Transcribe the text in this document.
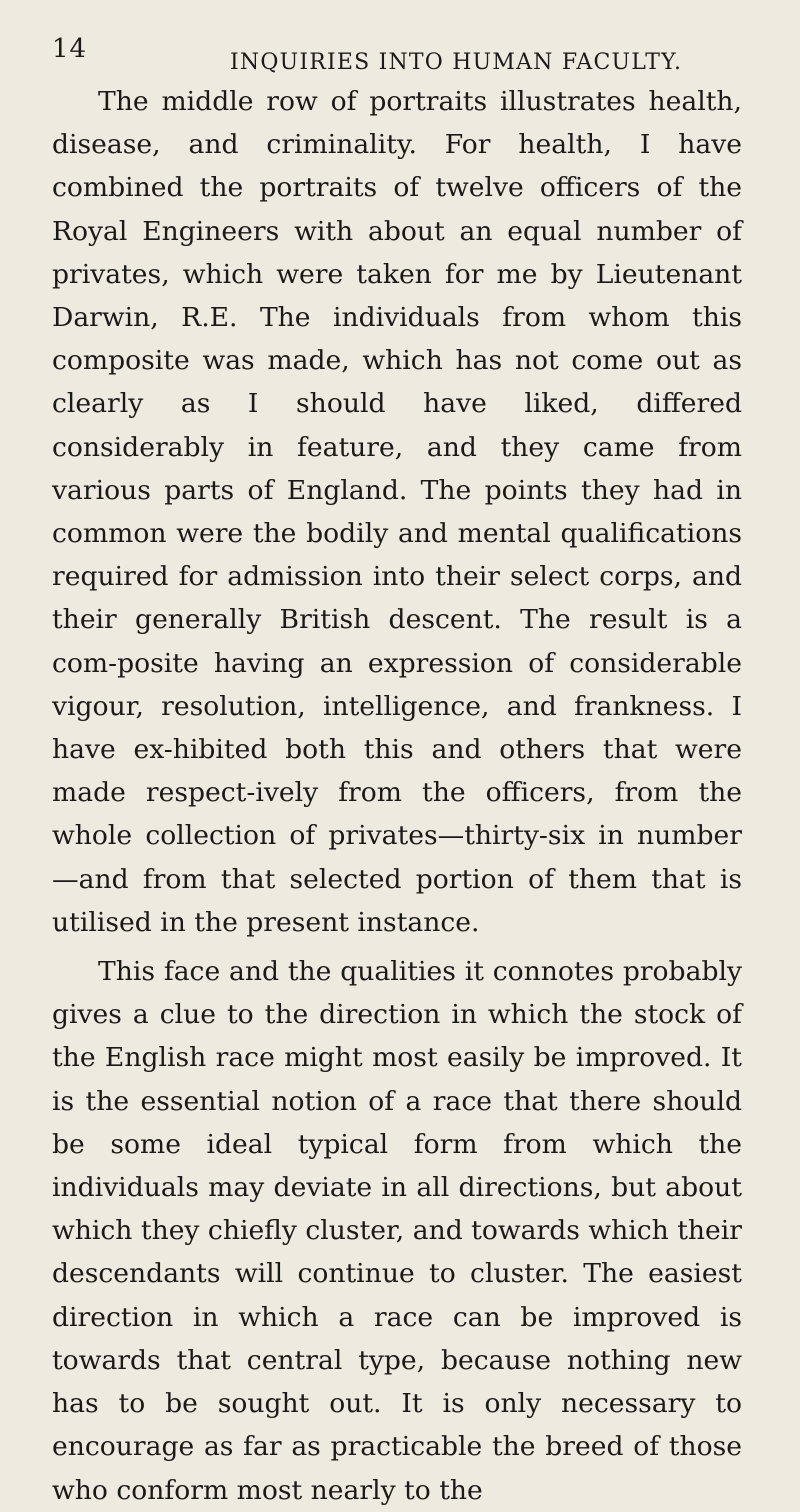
14	INQUIRIES INTO HUMAN FACULTY.

The middle row of portraits illustrates health, disease, and criminality. For health, I have combined the portraits of twelve officers of the Royal Engineers with about an equal number of privates, which were taken for me by Lieutenant Darwin, R.E. The individuals from whom this composite was made, which has not come out as clearly as I should have liked, differed considerably in feature, and they came from various parts of England. The points they had in common were the bodily and mental qualifications required for admission into their select corps, and their generally British descent. The result is a com-posite having an expression of considerable vigour, resolution, intelligence, and frankness. I have ex-hibited both this and others that were made respect-ively from the officers, from the whole collection of privates—thirty-six in number—and from that selected portion of them that is utilised in the present instance.

This face and the qualities it connotes probably gives a clue to the direction in which the stock of the English race might most easily be improved. It is the essential notion of a race that there should be some ideal typical form from which the individuals may deviate in all directions, but about which they chiefly cluster, and towards which their descendants will continue to cluster. The easiest direction in which a race can be improved is towards that central type, because nothing new has to be sought out. It is only necessary to encourage as far as practicable the breed of those who conform most nearly to the
